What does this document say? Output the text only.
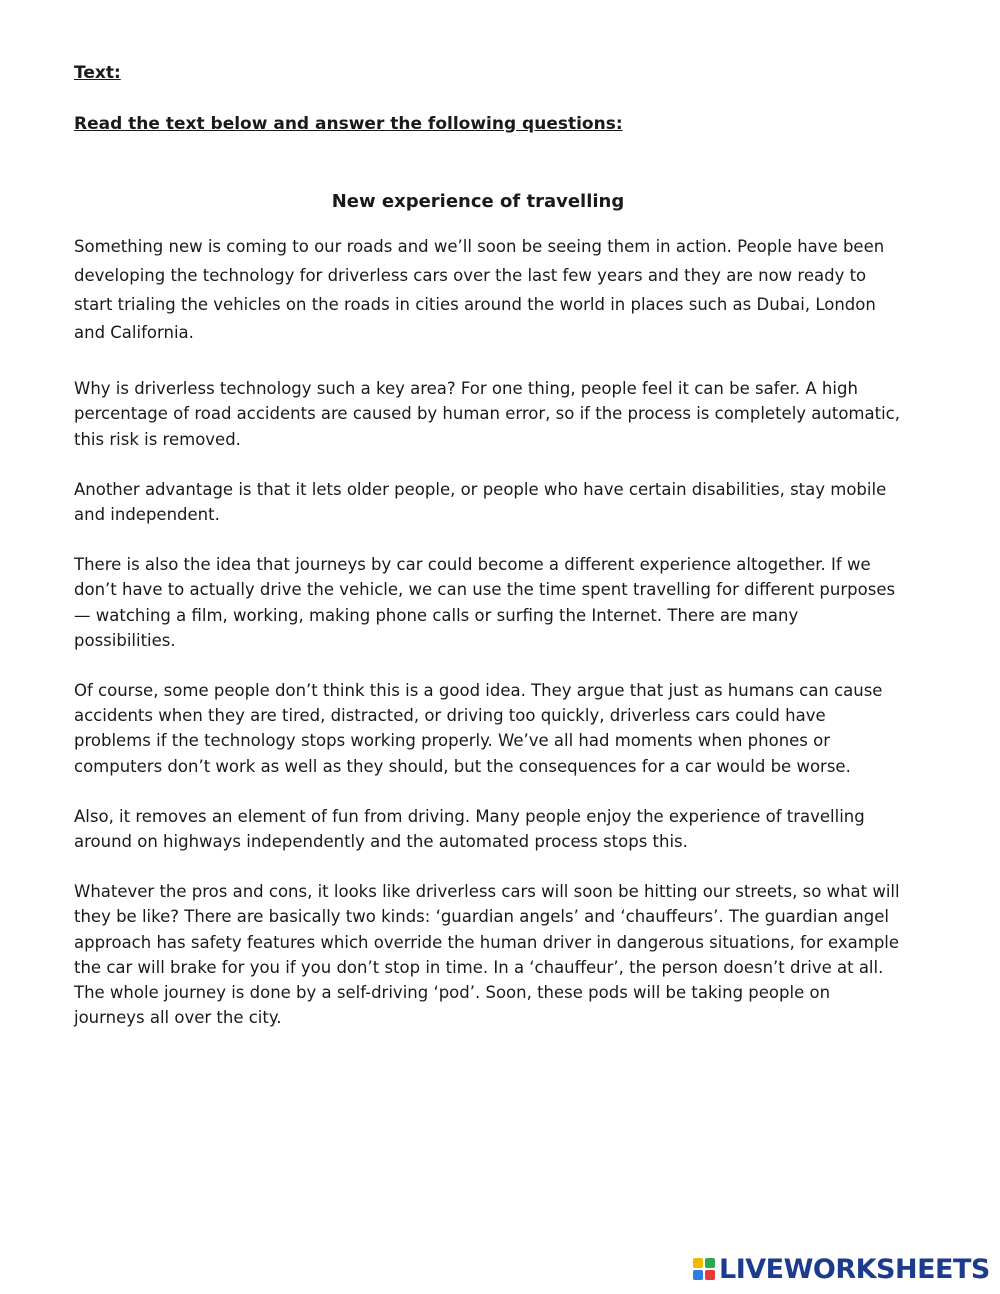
Text:

Read the text below and answer the following questions:

New experience of travelling

Something new is coming to our roads and we’ll soon be seeing them in action. People have been developing the technology for driverless cars over the last few years and they are now ready to start trialing the vehicles on the roads in cities around the world in places such as Dubai, London and California.

Why is driverless technology such a key area? For one thing, people feel it can be safer. A high percentage of road accidents are caused by human error, so if the process is completely automatic, this risk is removed.

Another advantage is that it lets older people, or people who have certain disabilities, stay mobile and independent.

There is also the idea that journeys by car could become a different experience altogether. If we don’t have to actually drive the vehicle, we can use the time spent travelling for different purposes — watching a film, working, making phone calls or surfing the Internet. There are many possibilities.

Of course, some people don’t think this is a good idea. They argue that just as humans can cause accidents when they are tired, distracted, or driving too quickly, driverless cars could have problems if the technology stops working properly. We’ve all had moments when phones or computers don’t work as well as they should, but the consequences for a car would be worse.

Also, it removes an element of fun from driving. Many people enjoy the experience of travelling around on highways independently and the automated process stops this.

Whatever the pros and cons, it looks like driverless cars will soon be hitting our streets, so what will they be like? There are basically two kinds: ‘guardian angels’ and ‘chauffeurs’. The guardian angel approach has safety features which override the human driver in dangerous situations, for example the car will brake for you if you don’t stop in time. In a ‘chauffeur’, the person doesn’t drive at all. The whole journey is done by a self-driving ‘pod’. Soon, these pods will be taking people on journeys all over the city.

LIVEWORKSHEETS
